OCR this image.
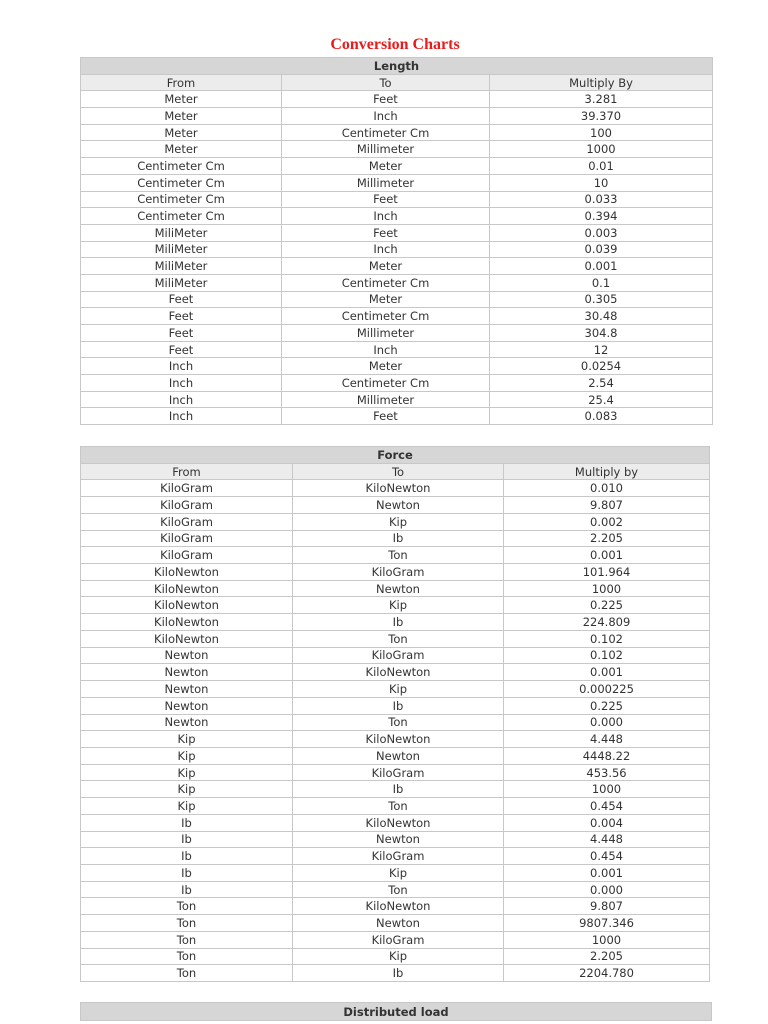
Conversion Charts
Length		
From	To	Multiply By
Meter	Feet	3.281
Meter	Inch	39.370
Meter	Centimeter Cm	100
Meter	Millimeter	1000
Centimeter Cm	Meter	0.01
Centimeter Cm	Millimeter	10
Centimeter Cm	Feet	0.033
Centimeter Cm	Inch	0.394
MiliMeter	Feet	0.003
MiliMeter	Inch	0.039
MiliMeter	Meter	0.001
MiliMeter	Centimeter Cm	0.1
Feet	Meter	0.305
Feet	Centimeter Cm	30.48
Feet	Millimeter	304.8
Feet	Inch	12
Inch	Meter	0.0254
Inch	Centimeter Cm	2.54
Inch	Millimeter	25.4
Inch	Feet	0.083
Force		
From	To	Multiply by
KiloGram	KiloNewton	0.010
KiloGram	Newton	9.807
KiloGram	Kip	0.002
KiloGram	Ib	2.205
KiloGram	Ton	0.001
KiloNewton	KiloGram	101.964
KiloNewton	Newton	1000
KiloNewton	Kip	0.225
KiloNewton	Ib	224.809
KiloNewton	Ton	0.102
Newton	KiloGram	0.102
Newton	KiloNewton	0.001
Newton	Kip	0.000225
Newton	Ib	0.225
Newton	Ton	0.000
Kip	KiloNewton	4.448
Kip	Newton	4448.22
Kip	KiloGram	453.56
Kip	Ib	1000
Kip	Ton	0.454
Ib	KiloNewton	0.004
Ib	Newton	4.448
Ib	KiloGram	0.454
Ib	Kip	0.001
Ib	Ton	0.000
Ton	KiloNewton	9.807
Ton	Newton	9807.346
Ton	KiloGram	1000
Ton	Kip	2.205
Ton	Ib	2204.780
Distributed load
